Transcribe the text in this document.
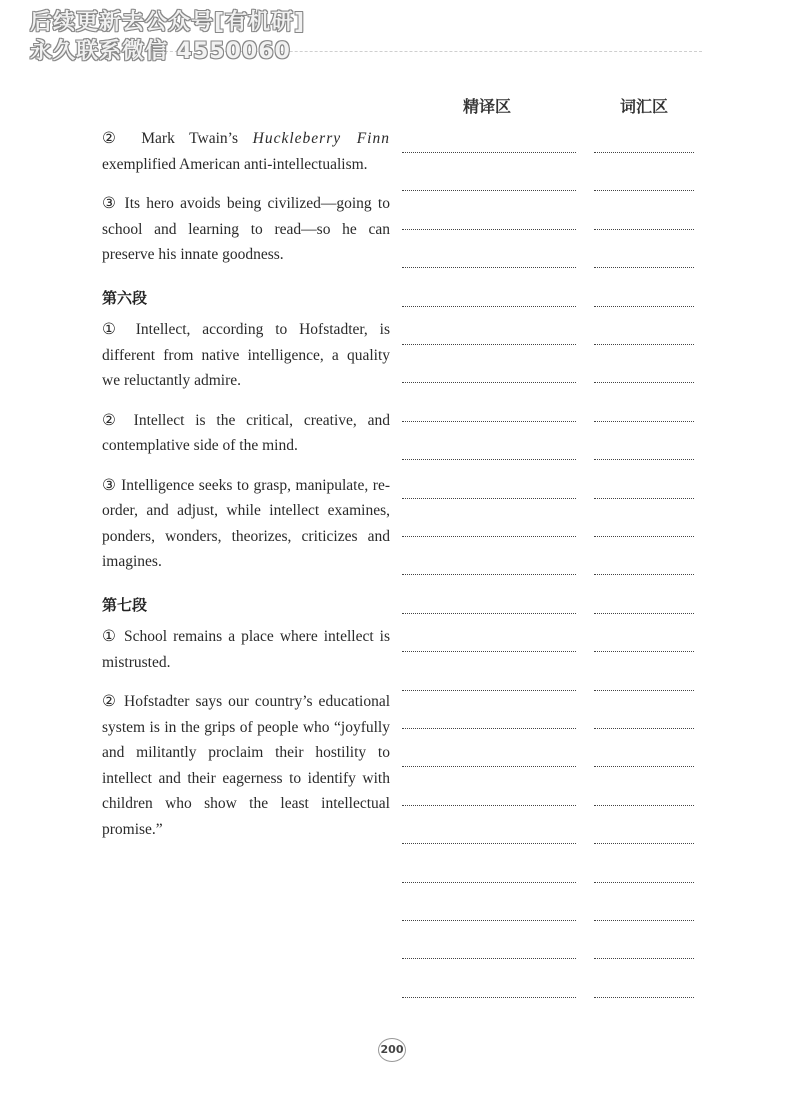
后续更新去公众号[有机研]
永久联系微信 4550060
精译区	词汇区

② Mark Twain’s Huckleberry Finn exemplified American anti-intellectualism.

③ Its hero avoids being civilized—going to school and learning to read—so he can preserve his innate goodness.

第六段

① Intellect, according to Hofstadter, is different from native intelligence, a quality we reluctantly admire.

② Intellect is the critical, creative, and contemplative side of the mind.

③ Intelligence seeks to grasp, manipulate, re-order, and adjust, while intellect examines, ponders, wonders, theorizes, criticizes and imagines.

第七段

① School remains a place where intellect is mistrusted.

② Hofstadter says our country’s educational system is in the grips of people who “joyfully and militantly proclaim their hostility to intellect and their eagerness to identify with children who show the least intellectual promise.”

200
